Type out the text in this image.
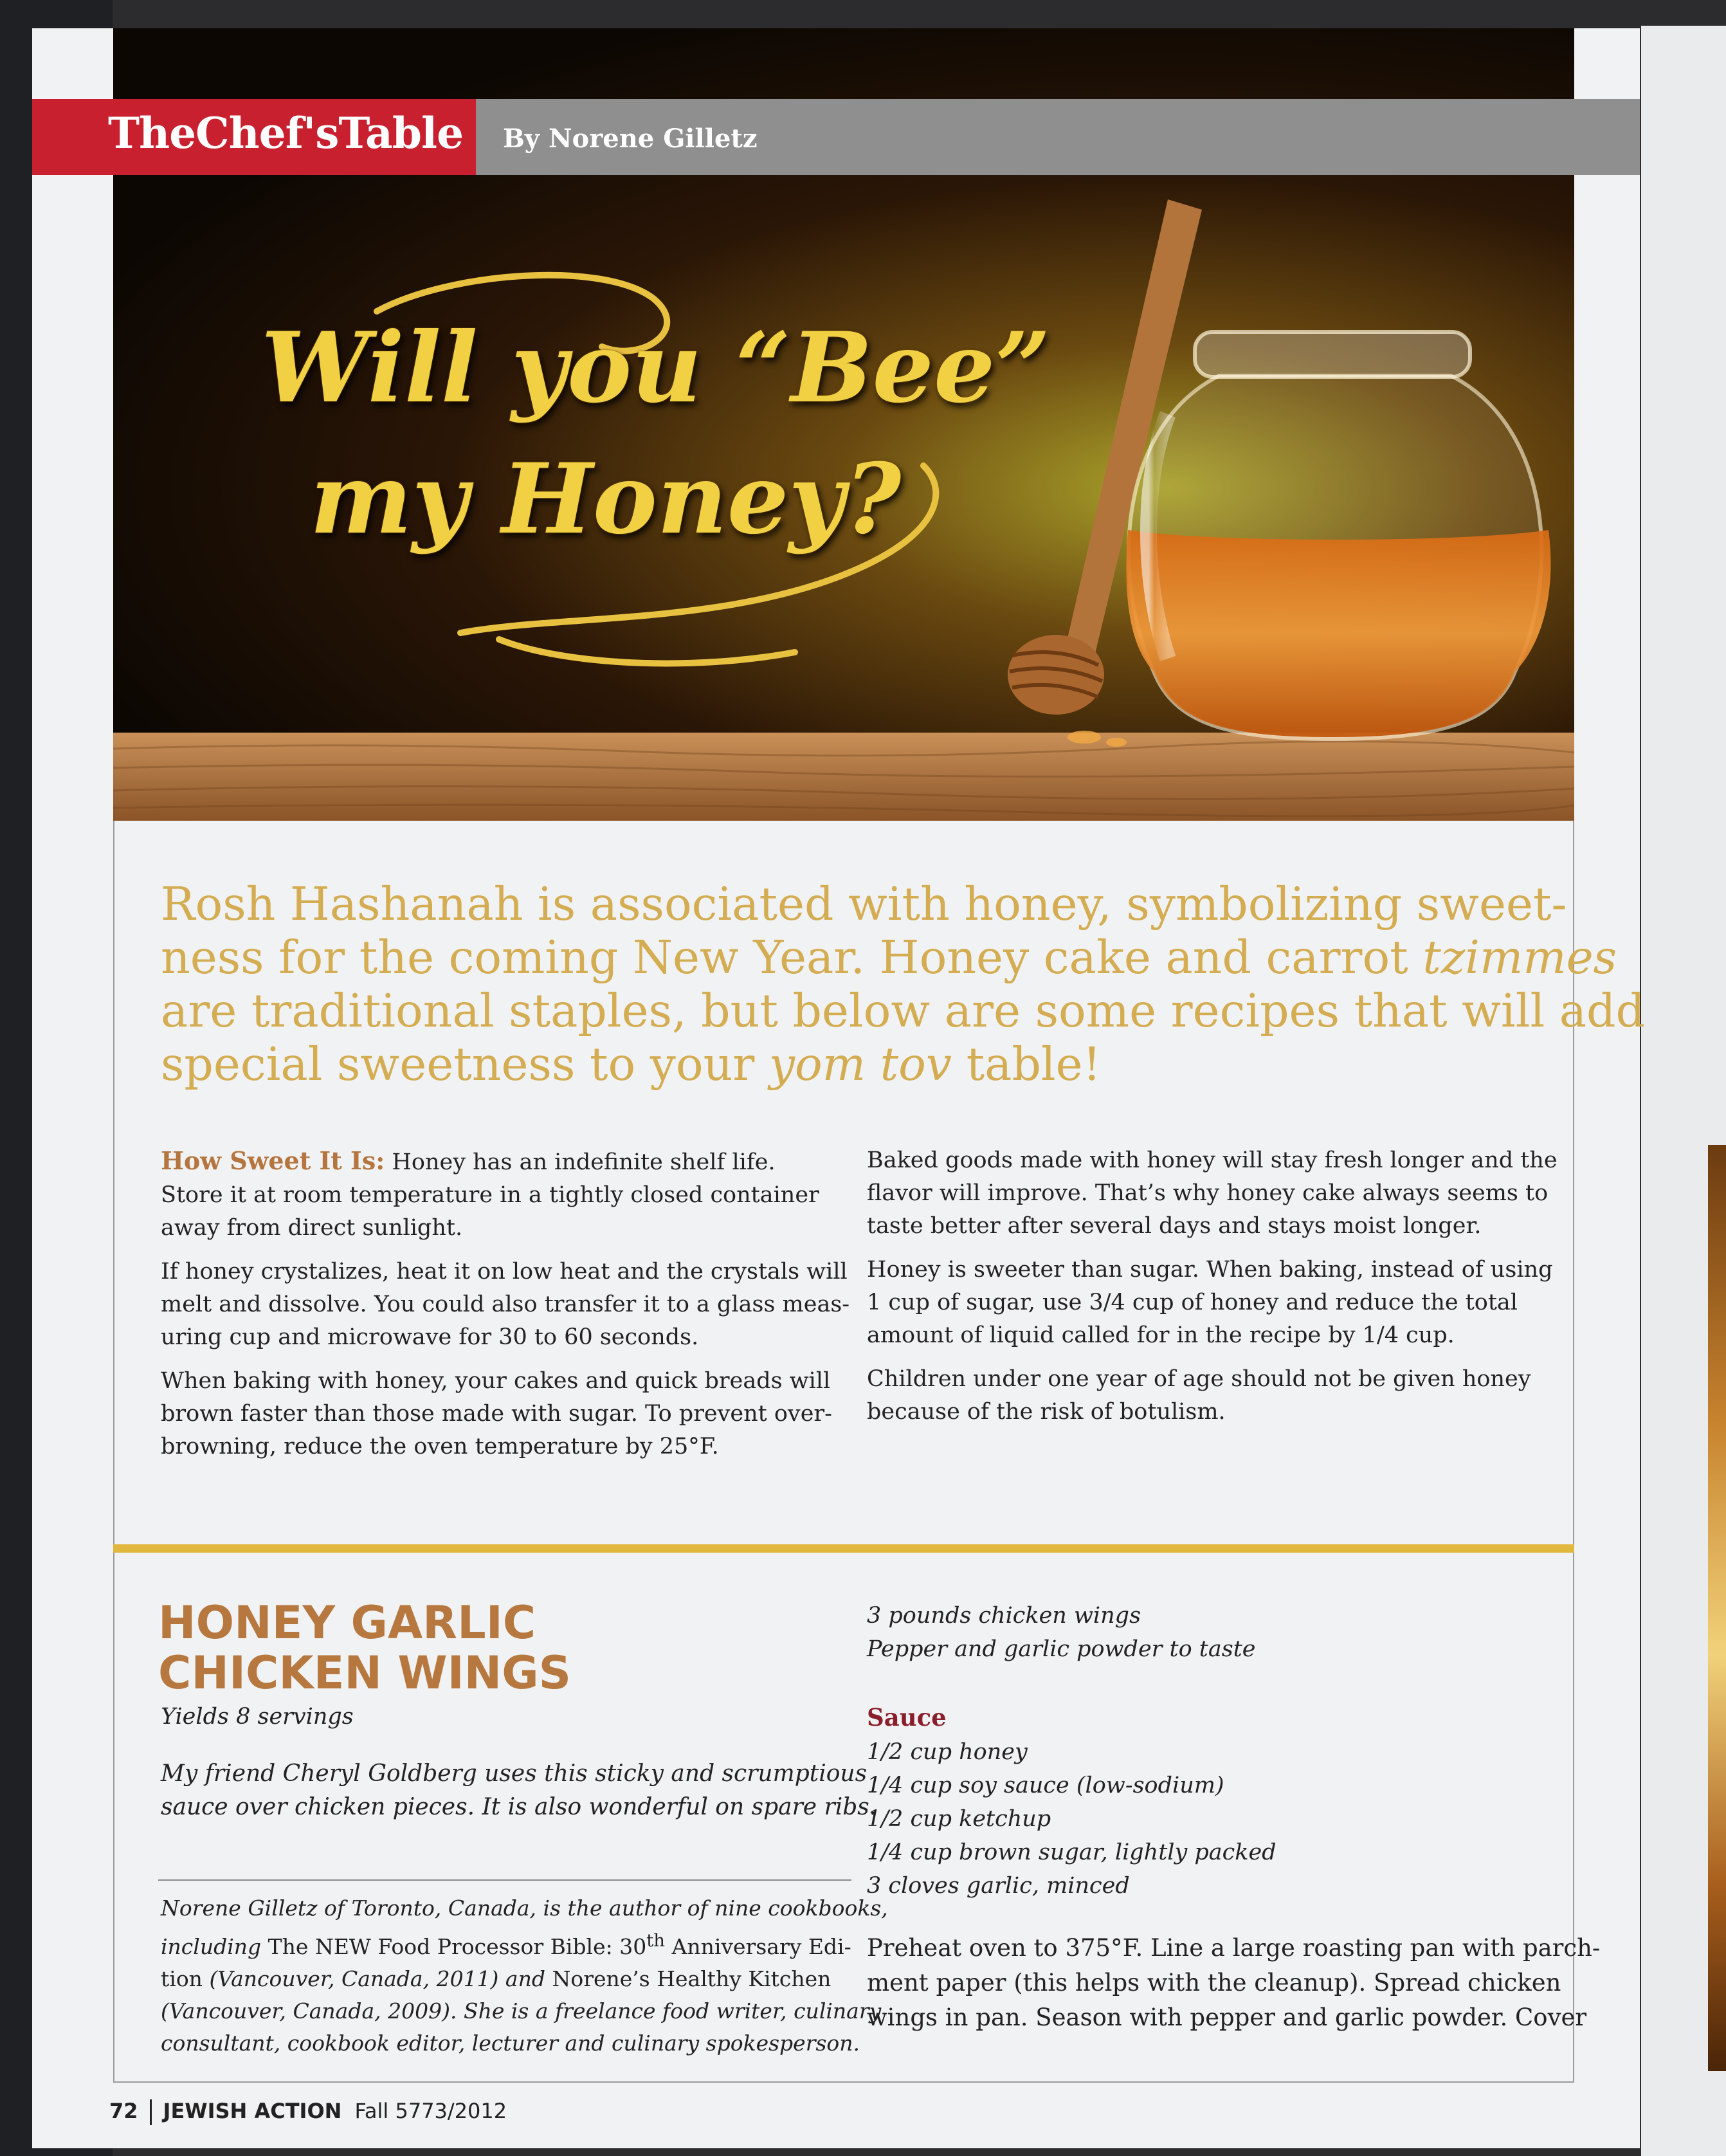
Will you “Bee”
my Honey?
TheChef'sTable By Norene Gilletz
Rosh Hashanah is associated with honey, symbolizing sweet-
ness for the coming New Year. Honey cake and carrot tzimmes
are traditional staples, but below are some recipes that will add
special sweetness to your yom tov table!
How Sweet It Is: Honey has an indefinite shelf life.
Store it at room temperature in a tightly closed container
away from direct sunlight.
If honey crystalizes, heat it on low heat and the crystals will
melt and dissolve. You could also transfer it to a glass meas-
uring cup and microwave for 30 to 60 seconds.
When baking with honey, your cakes and quick breads will
brown faster than those made with sugar. To prevent over-
browning, reduce the oven temperature by 25°F.
Baked goods made with honey will stay fresh longer and the
flavor will improve. That’s why honey cake always seems to
taste better after several days and stays moist longer.
Honey is sweeter than sugar. When baking, instead of using
1 cup of sugar, use 3/4 cup of honey and reduce the total
amount of liquid called for in the recipe by 1/4 cup.
Children under one year of age should not be given honey
because of the risk of botulism.
HONEY GARLIC
CHICKEN WINGS
Yields 8 servings
My friend Cheryl Goldberg uses this sticky and scrumptious
sauce over chicken pieces. It is also wonderful on spare ribs.
Norene Gilletz of Toronto, Canada, is the author of nine cookbooks,
including The NEW Food Processor Bible: 30th Anniversary Edi-
tion (Vancouver, Canada, 2011) and Norene’s Healthy Kitchen
(Vancouver, Canada, 2009). She is a freelance food writer, culinary
consultant, cookbook editor, lecturer and culinary spokesperson.
3 pounds chicken wings
Pepper and garlic powder to taste
Sauce
1/2 cup honey
1/4 cup soy sauce (low-sodium)
1/2 cup ketchup
1/4 cup brown sugar, lightly packed
3 cloves garlic, minced
Preheat oven to 375°F. Line a large roasting pan with parch-
ment paper (this helps with the cleanup). Spread chicken
wings in pan. Season with pepper and garlic powder. Cover
72 JEWISH ACTION Fall 5773/2012
